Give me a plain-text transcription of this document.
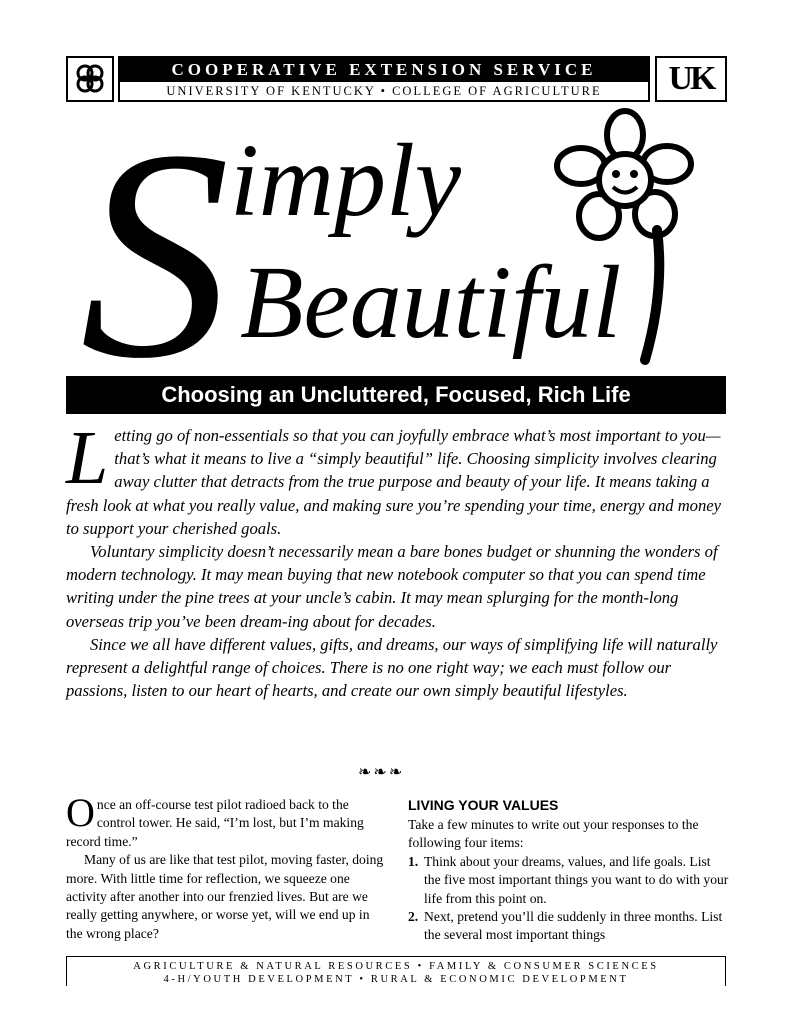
COOPERATIVE EXTENSION SERVICE
UNIVERSITY OF KENTUCKY • COLLEGE OF AGRICULTURE	UK
S imply
Beautiful
Choosing an Uncluttered, Focused, Rich Life

Letting go of non-essentials so that you can joyfully embrace what’s most important to you—that’s what it means to live a “simply beautiful” life. Choosing simplicity involves clearing away clutter that detracts from the true purpose and beauty of your life. It means taking a fresh look at what you really value, and making sure you’re spending your time, energy and money to support your cherished goals.

Voluntary simplicity doesn’t necessarily mean a bare bones budget or shunning the wonders of modern technology. It may mean buying that new notebook computer so that you can spend time writing under the pine trees at your uncle’s cabin. It may mean splurging for the month-long overseas trip you’ve been dream-ing about for decades.

Since we all have different values, gifts, and dreams, our ways of simplifying life will naturally represent a delightful range of choices. There is no one right way; we each must follow our passions, listen to our heart of hearts, and create our own simply beautiful lifestyles.

❧❧❧

Once an off-course test pilot radioed back to the control tower. He said, “I’m lost, but I’m making record time.”

Many of us are like that test pilot, moving faster, doing more. With little time for reflection, we squeeze one activity after another into our frenzied lives. But are we really getting anywhere, or worse yet, will we end up in the wrong place?

LIVING YOUR VALUES

Take a few minutes to write out your responses to the following four items:

1. Think about your dreams, values, and life goals. List the five most important things you want to do with your life from this point on.
2. Next, pretend you’ll die suddenly in three months. List the several most important things
AGRICULTURE & NATURAL RESOURCES • FAMILY & CONSUMER SCIENCES
4-H/YOUTH DEVELOPMENT • RURAL & ECONOMIC DEVELOPMENT
